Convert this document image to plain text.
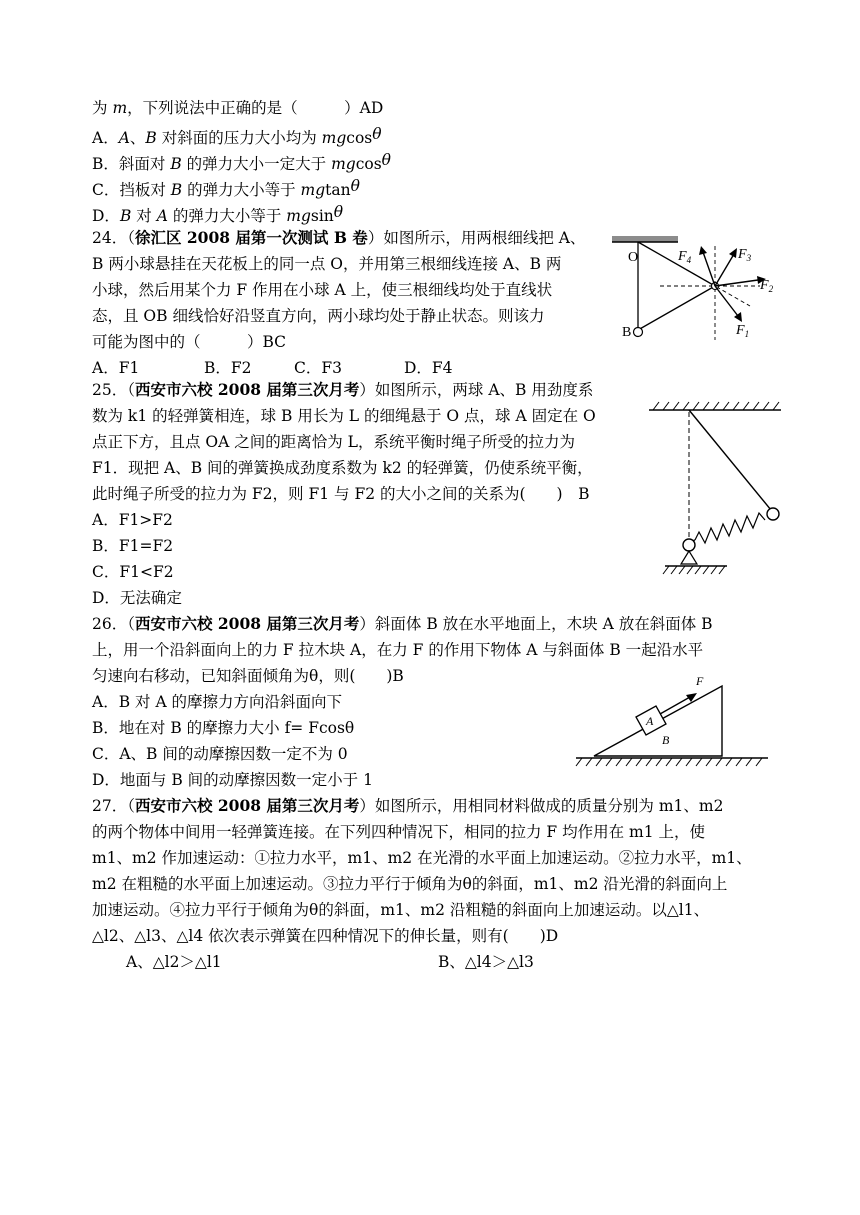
为 m，下列说法中正确的是（　　　）AD
A．A、B 对斜面的压力大小均为 mgcosθ
B．斜面对 B 的弹力大小一定大于 mgcosθ
C．挡板对 B 的弹力大小等于 mgtanθ
D．B 对 A 的弹力大小等于 mgsinθ
24．（徐汇区 2008 届第一次测试 B 卷）如图所示，用两根细线把 A、
B 两小球悬挂在天花板上的同一点 O，并用第三根细线连接 A、B 两
小球，然后用某个力 F 作用在小球 A 上，使三根细线均处于直线状
态，且 OB 细线恰好沿竖直方向，两小球均处于静止状态。则该力
可能为图中的（　　　）BC
A．F1	B．F2	C．F3	D．F4
O
B
$F_4$	$F_3$
$F_2$
$F_1$
25．（西安市六校 2008 届第三次月考）如图所示，两球 A、B 用劲度系
数为 k1 的轻弹簧相连，球 B 用长为 L 的细绳悬于 O 点，球 A 固定在 O
点正下方，且点 OA 之间的距离恰为 L，系统平衡时绳子所受的拉力为
F1．现把 A、B 间的弹簧换成劲度系数为 k2 的轻弹簧，仍使系统平衡，
此时绳子所受的拉力为 F2，则 F1 与 F2 的大小之间的关系为(　　)　B
A．F1>F2
B．F1=F2
C．F1<F2
D．无法确定
26．（西安市六校 2008 届第三次月考）斜面体 B 放在水平地面上，木块 A 放在斜面体 B
上，用一个沿斜面向上的力 F 拉木块 A，在力 F 的作用下物体 A 与斜面体 B 一起沿水平
匀速向右移动，已知斜面倾角为θ，则(　　)B
A．B 对 A 的摩擦力方向沿斜面向下
B．地在对 B 的摩擦力大小 f= Fcosθ
C．A、B 间的动摩擦因数一定不为 0
D．地面与 B 间的动摩擦因数一定小于 1
A
B
F
27．（西安市六校 2008 届第三次月考）如图所示，用相同材料做成的质量分别为 m1、m2
的两个物体中间用一轻弹簧连接。在下列四种情况下，相同的拉力 F 均作用在 m1 上，使
m1、m2 作加速运动：①拉力水平，m1、m2 在光滑的水平面上加速运动。②拉力水平，m1、
m2 在粗糙的水平面上加速运动。③拉力平行于倾角为θ的斜面，m1、m2 沿光滑的斜面向上
加速运动。④拉力平行于倾角为θ的斜面，m1、m2 沿粗糙的斜面向上加速运动。以△l1、
△l2、△l3、△l4 依次表示弹簧在四种情况下的伸长量，则有(　　)D
A、△l2＞△l1	B、△l4＞△l3
